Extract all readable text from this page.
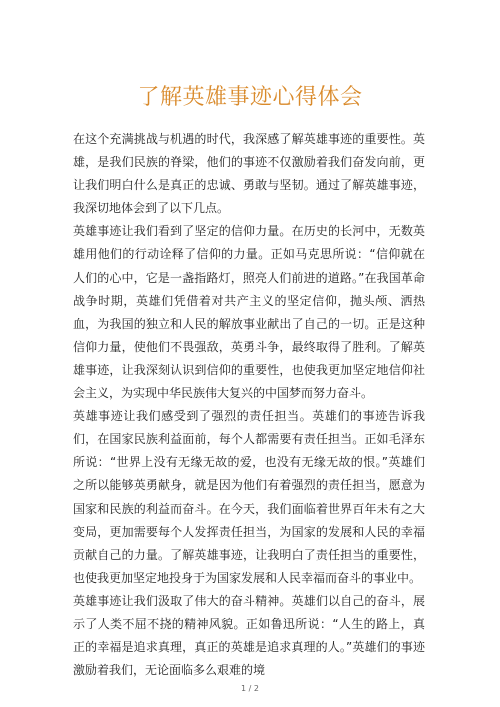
了解英雄事迹心得体会

在这个充满挑战与机遇的时代，我深感了解英雄事迹的重要性。英雄，是我们民族的脊梁，他们的事迹不仅激励着我们奋发向前，更让我们明白什么是真正的忠诚、勇敢与坚韧。通过了解英雄事迹，我深切地体会到了以下几点。

英雄事迹让我们看到了坚定的信仰力量。在历史的长河中，无数英雄用他们的行动诠释了信仰的力量。正如马克思所说：“信仰就在人们的心中，它是一盏指路灯，照亮人们前进的道路。”在我国革命战争时期，英雄们凭借着对共产主义的坚定信仰，抛头颅、洒热血，为我国的独立和人民的解放事业献出了自己的一切。正是这种信仰力量，使他们不畏强敌，英勇斗争，最终取得了胜利。了解英雄事迹，让我深刻认识到信仰的重要性，也使我更加坚定地信仰社会主义，为实现中华民族伟大复兴的中国梦而努力奋斗。

英雄事迹让我们感受到了强烈的责任担当。英雄们的事迹告诉我们，在国家民族利益面前，每个人都需要有责任担当。正如毛泽东所说：“世界上没有无缘无故的爱，也没有无缘无故的恨。”英雄们之所以能够英勇献身，就是因为他们有着强烈的责任担当，愿意为国家和民族的利益而奋斗。在今天，我们面临着世界百年未有之大变局，更加需要每个人发挥责任担当，为国家的发展和人民的幸福贡献自己的力量。了解英雄事迹，让我明白了责任担当的重要性，也使我更加坚定地投身于为国家发展和人民幸福而奋斗的事业中。

英雄事迹让我们汲取了伟大的奋斗精神。英雄们以自己的奋斗，展示了人类不屈不挠的精神风貌。正如鲁迅所说：“人生的路上，真正的幸福是追求真理，真正的英雄是追求真理的人。”英雄们的事迹激励着我们，无论面临多么艰难的境

1 / 2
